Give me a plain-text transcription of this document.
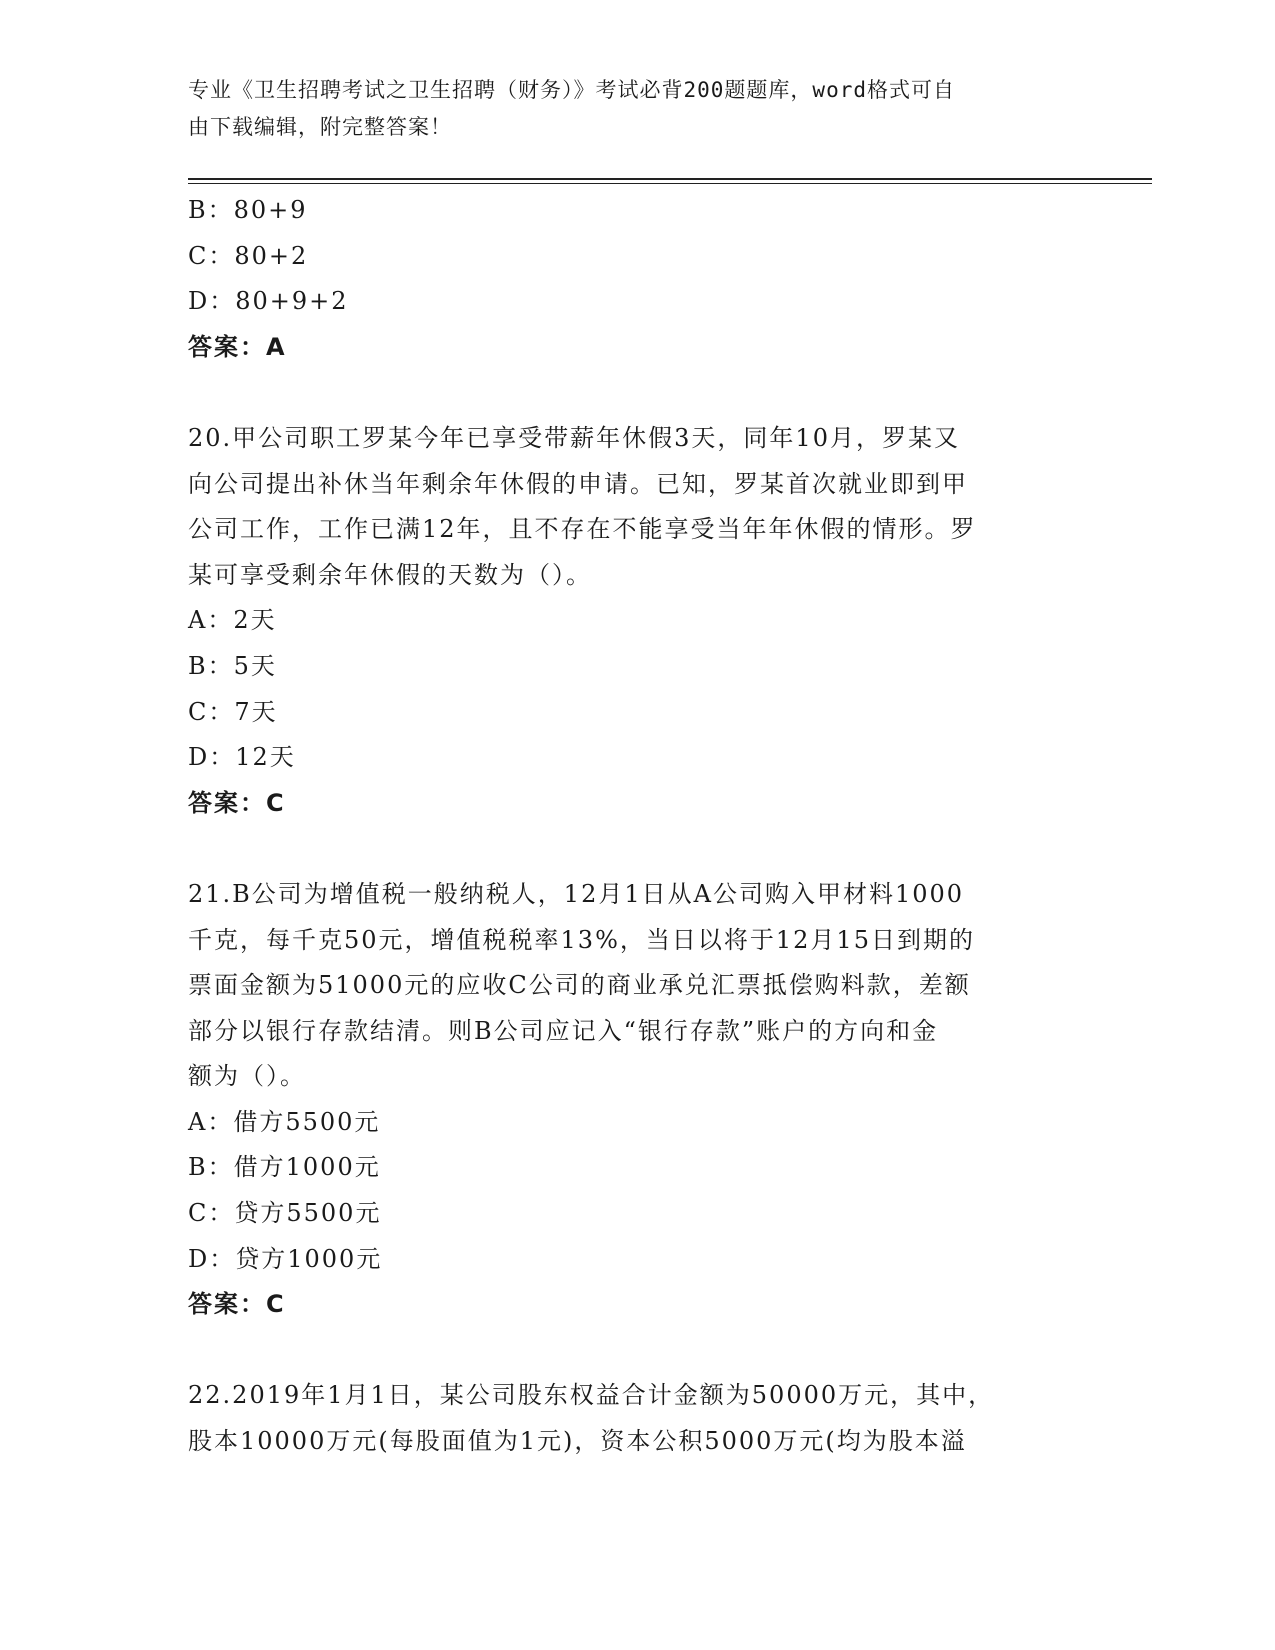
专业《卫生招聘考试之卫生招聘（财务）》考试必背200题题库，word格式可自
由下载编辑，附完整答案！
B：80+9
C：80+2
D：80+9+2
答案：A
20.甲公司职工罗某今年已享受带薪年休假3天，同年10月，罗某又
向公司提出补休当年剩余年休假的申请。已知，罗某首次就业即到甲
公司工作，工作已满12年，且不存在不能享受当年年休假的情形。罗
某可享受剩余年休假的天数为（）。
A：2天
B：5天
C：7天
D：12天
答案：C
21.B公司为增值税一般纳税人，12月1日从A公司购入甲材料1000
千克，每千克50元，增值税税率13%，当日以将于12月15日到期的
票面金额为51000元的应收C公司的商业承兑汇票抵偿购料款，差额
部分以银行存款结清。则B公司应记入“银行存款”账户的方向和金
额为（）。
A：借方5500元
B：借方1000元
C：贷方5500元
D：贷方1000元
答案：C
22.2019年1月1日，某公司股东权益合计金额为50000万元，其中，
股本10000万元(每股面值为1元)，资本公积5000万元(均为股本溢
